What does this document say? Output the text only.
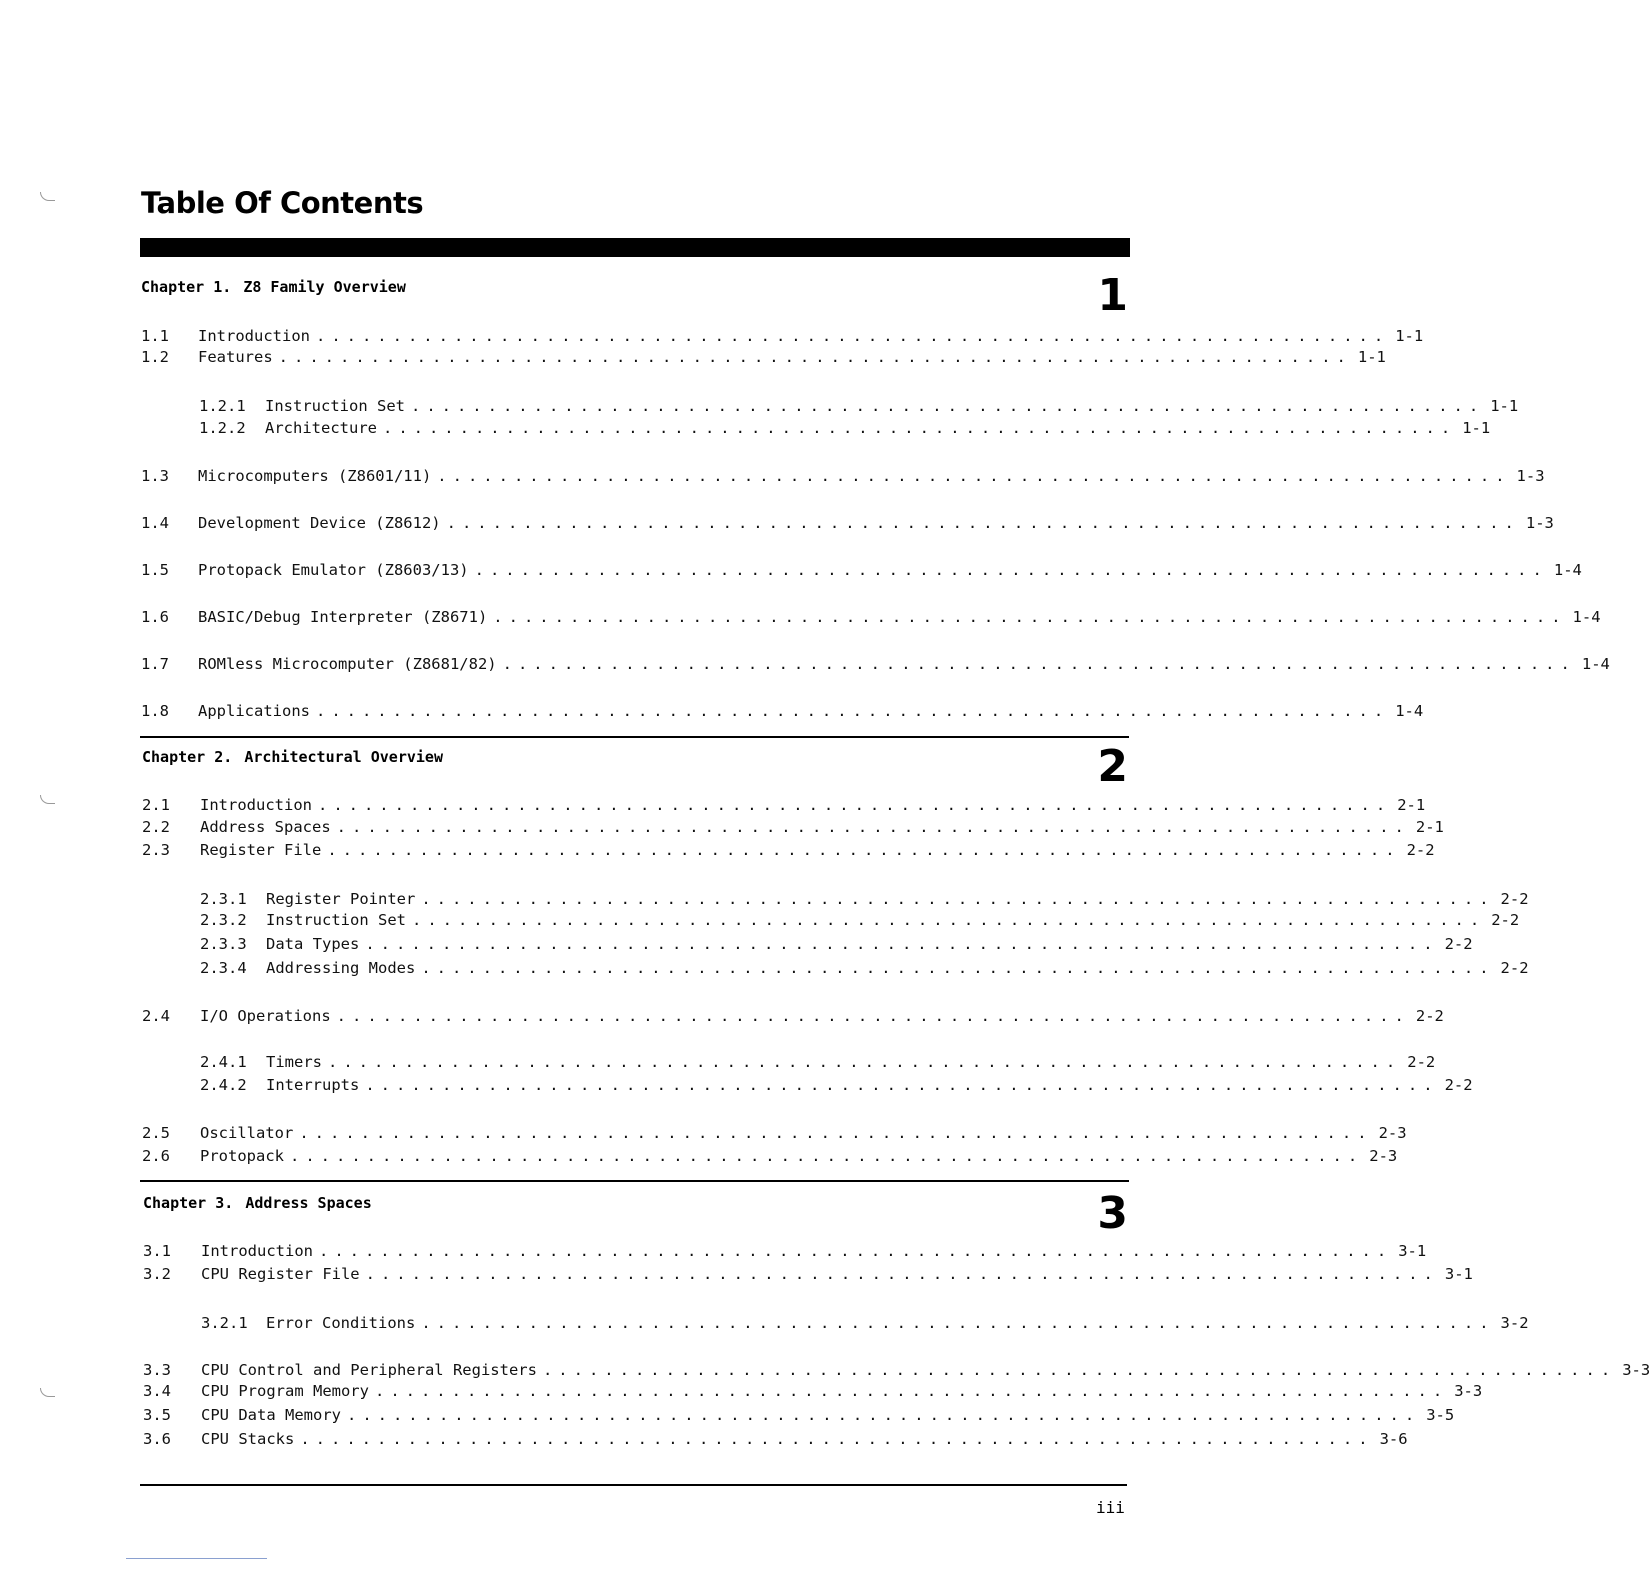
Table Of Contents
Chapter 1. Z8 Family Overview	1
1.1	Introduction ...................................................................... 1-1
1.2	Features ...................................................................... 1-1
1.2.1	Instruction Set ...................................................................... 1-1
1.2.2	Architecture ...................................................................... 1-1
1.3	Microcomputers (Z8601/11) ...................................................................... 1-3
1.4	Development Device (Z8612) ...................................................................... 1-3
1.5	Protopack Emulator (Z8603/13) ...................................................................... 1-4
1.6	BASIC/Debug Interpreter (Z8671) ...................................................................... 1-4
1.7	ROMless Microcomputer (Z8681/82) ...................................................................... 1-4
1.8	Applications ...................................................................... 1-4
Chapter 2. Architectural Overview	2
2.1	Introduction ...................................................................... 2-1
2.2	Address Spaces ...................................................................... 2-1
2.3	Register File ...................................................................... 2-2
2.3.1	Register Pointer ...................................................................... 2-2
2.3.2	Instruction Set ...................................................................... 2-2
2.3.3	Data Types ...................................................................... 2-2
2.3.4	Addressing Modes ...................................................................... 2-2
2.4	I/O Operations ...................................................................... 2-2
2.4.1	Timers ...................................................................... 2-2
2.4.2	Interrupts ...................................................................... 2-2
2.5	Oscillator ...................................................................... 2-3
2.6	Protopack ...................................................................... 2-3
Chapter 3. Address Spaces	3
3.1	Introduction ...................................................................... 3-1
3.2	CPU Register File ...................................................................... 3-1
3.2.1	Error Conditions ...................................................................... 3-2
3.3	CPU Control and Peripheral Registers ...................................................................... 3-3
3.4	CPU Program Memory ...................................................................... 3-3
3.5	CPU Data Memory ...................................................................... 3-5
3.6	CPU Stacks ...................................................................... 3-6
iii
